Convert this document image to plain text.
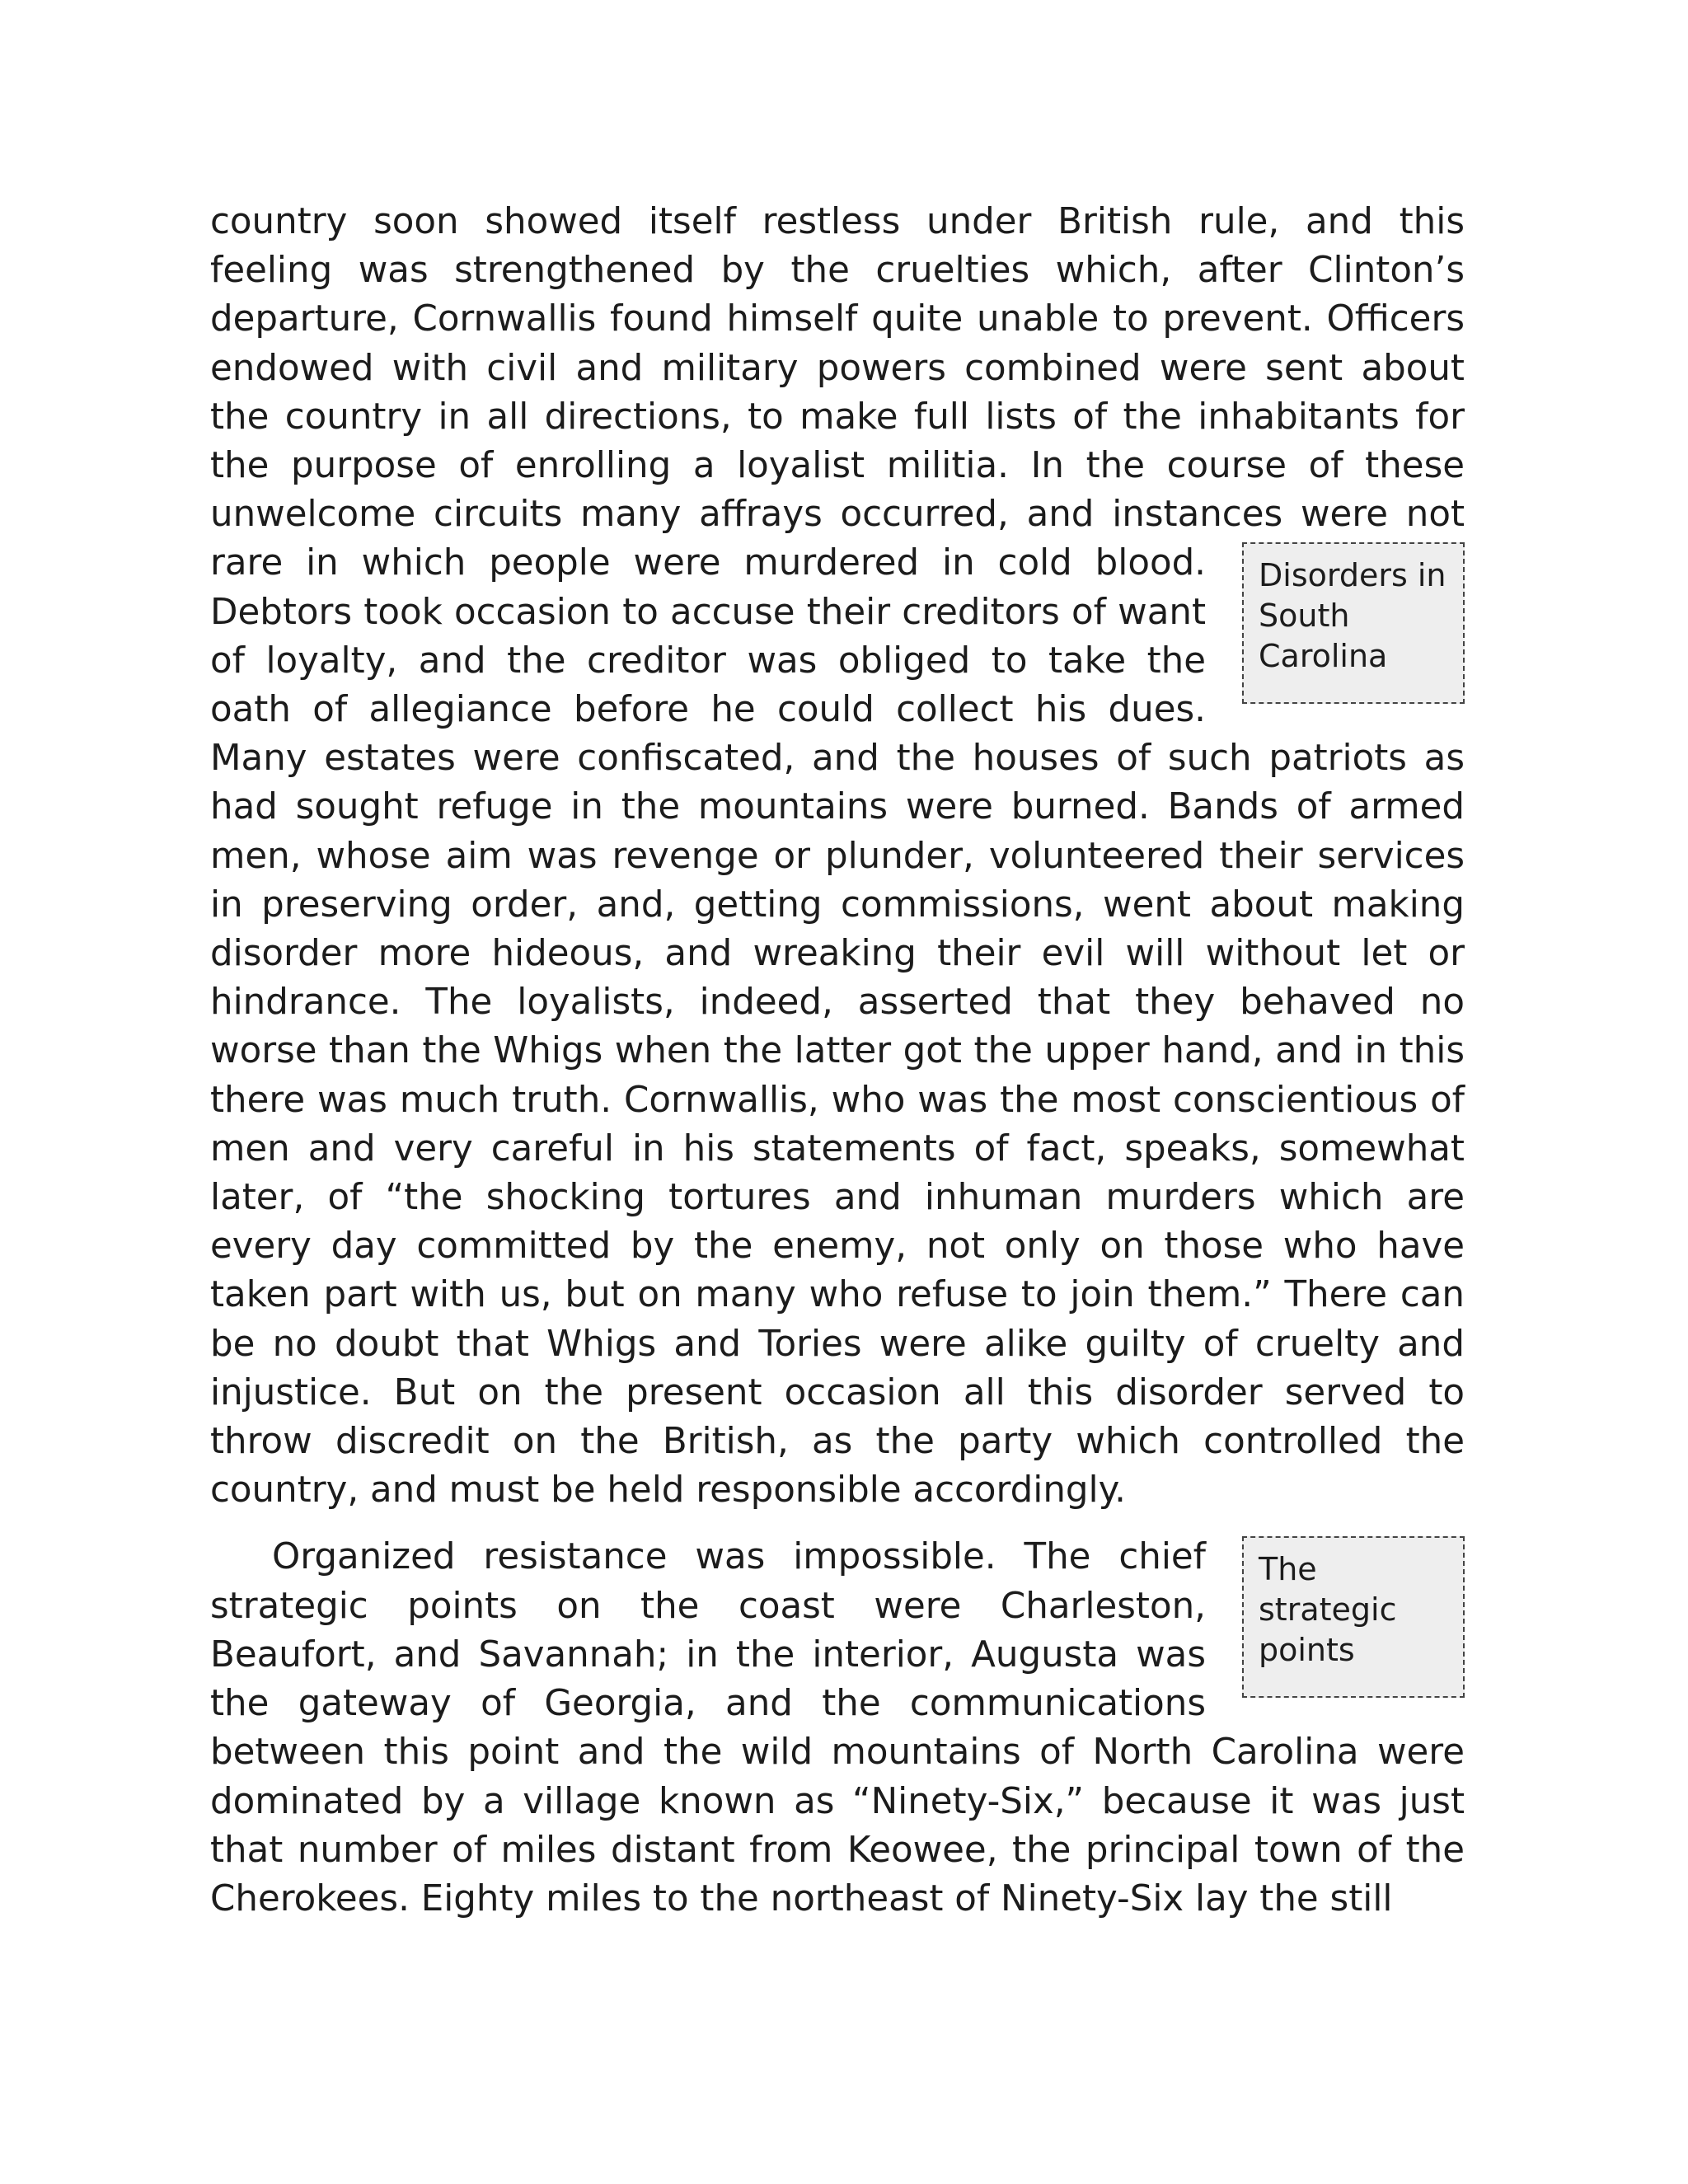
country soon showed itself restless under British rule, and this feeling was strengthened by the cruelties which, after Clinton’s departure, Cornwallis found himself quite unable to prevent. Officers endowed with civil and military powers combined were sent about the country in all directions, to make full lists of the inhabitants for the purpose of enrolling a loyalist militia. In the course of these unwelcome circuits many affrays occurred, and instances were not rare in which people	Disorders in South Carolina
were murdered in cold blood. Debtors took occasion to accuse their creditors of want of loyalty, and the creditor was obliged to take the oath of allegiance before he could collect his dues. Many estates were confiscated, and the houses of such patriots as had sought refuge in the mountains were burned. Bands of armed men, whose aim was revenge or plunder, volunteered their services in preserving order, and, getting commissions, went about making disorder more hideous, and wreaking their evil will without let or hindrance. The loyalists, indeed, asserted that they behaved no worse than the Whigs when the latter got the upper hand, and in this there was much truth. Cornwallis, who was the most conscientious of men and very careful in his statements of fact, speaks, somewhat later, of “the shocking tortures and inhuman murders which are every day committed by the enemy, not only on those who have taken part with us, but on many who refuse to join them.” There can be no doubt that Whigs and Tories were alike guilty of cruelty and injustice. But on the present occasion all this disorder served to throw discredit on the British, as the party which controlled the country, and must be held responsible accordingly.

The strategic points
Organized resistance was impossible. The chief strategic points on the coast were Charleston, Beaufort, and Savannah; in the interior, Augusta was the gateway of Georgia, and the communications between this point and the wild mountains of North Carolina were dominated by a village known as “Ninety-Six,” because it was just that number of miles distant from Keowee, the principal town of the Cherokees. Eighty miles to the northeast of Ninety-Six lay the still
